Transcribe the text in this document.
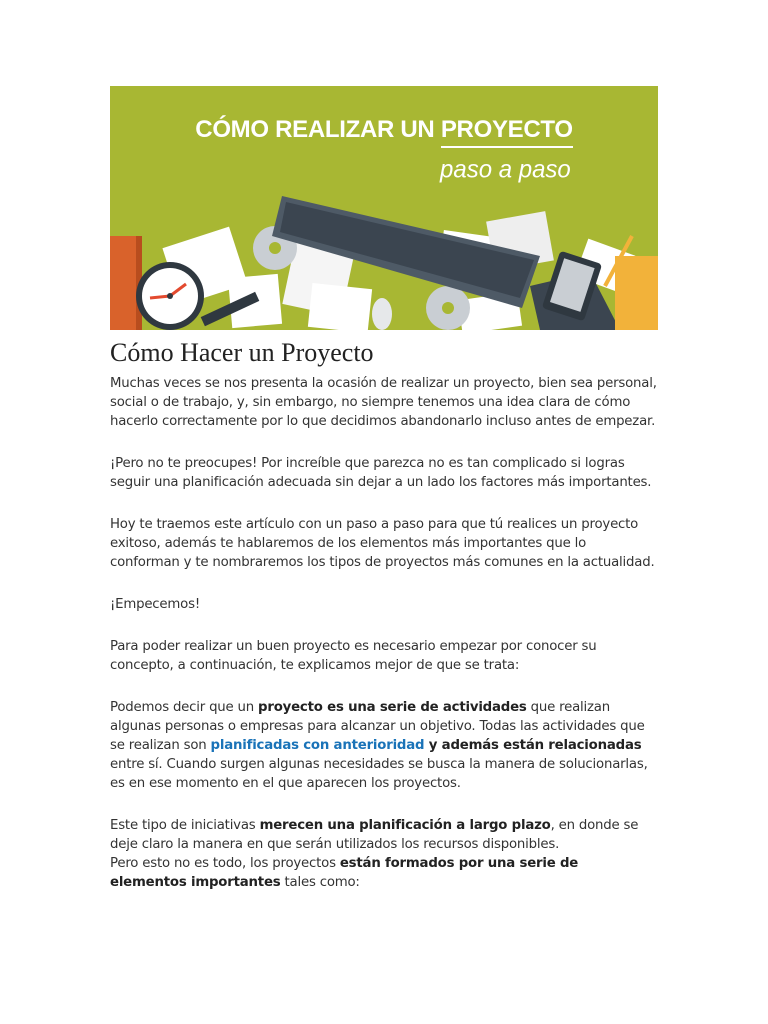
CÓMO REALIZAR UN PROYECTO
paso a paso
Cómo Hacer un Proyecto

Muchas veces se nos presenta la ocasión de realizar un proyecto, bien sea personal, social o de trabajo, y, sin embargo, no siempre tenemos una idea clara de cómo hacerlo correctamente por lo que decidimos abandonarlo incluso antes de empezar.

¡Pero no te preocupes! Por increíble que parezca no es tan complicado si logras seguir una planificación adecuada sin dejar a un lado los factores más importantes.

Hoy te traemos este artículo con un paso a paso para que tú realices un proyecto exitoso, además te hablaremos de los elementos más importantes que lo conforman y te nombraremos los tipos de proyectos más comunes en la actualidad.

¡Empecemos!

Para poder realizar un buen proyecto es necesario empezar por conocer su concepto, a continuación, te explicamos mejor de que se trata:

Podemos decir que un proyecto es una serie de actividades que realizan algunas personas o empresas para alcanzar un objetivo. Todas las actividades que se realizan son planificadas con anterioridad y además están relacionadas entre sí. Cuando surgen algunas necesidades se busca la manera de solucionarlas, es en ese momento en el que aparecen los proyectos.

Este tipo de iniciativas merecen una planificación a largo plazo, en donde se deje claro la manera en que serán utilizados los recursos disponibles.

Pero esto no es todo, los proyectos están formados por una serie de elementos importantes tales como:
